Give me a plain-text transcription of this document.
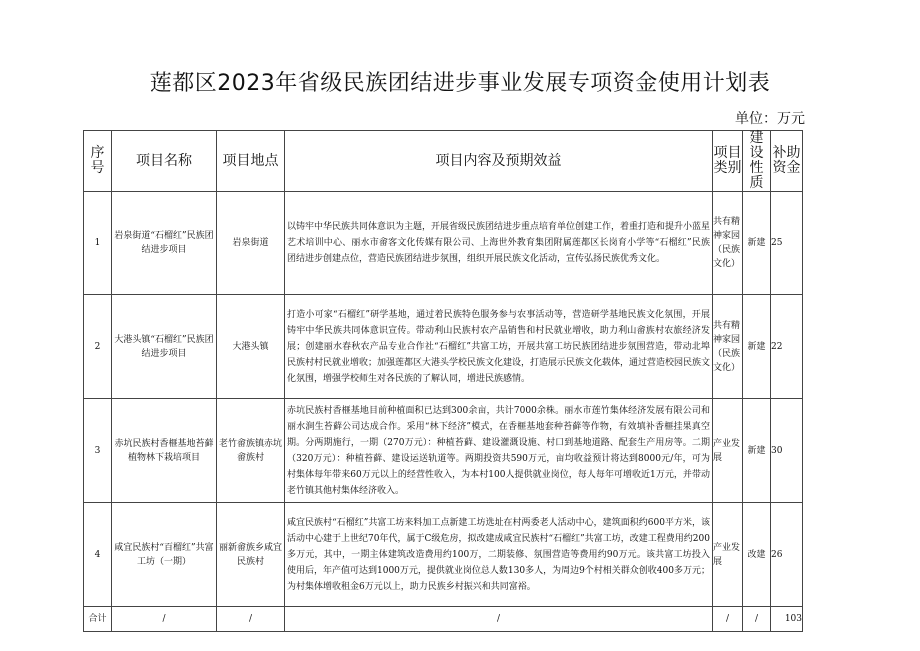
莲都区2023年省级民族团结进步事业发展专项资金使用计划表
单位：万元
序号	项目名称	项目地点	项目内容及预期效益	项目类别	建设性质	补助资金
1	岩泉街道“石榴红”民族团结进步项目	岩泉街道	以铸牢中华民族共同体意识为主题，开展省级民族团结进步重点培育单位创建工作，着重打造和提升小蓝星艺术培训中心、丽水市畲客文化传媒有限公司、上海世外教育集团附属莲都区长岗育小学等“石榴红”民族团结进步创建点位，营造民族团结进步氛围，组织开展民族文化活动，宣传弘扬民族优秀文化。	共有精神家园（民族文化）	新建	25
2	大港头镇“石榴红”民族团结进步项目	大港头镇	打造小可家“石榴红”研学基地，通过着民族特色服务参与农事活动等，营造研学基地民族文化氛围，开展铸牢中华民族共同体意识宣传。带动利山民族村农产品销售和村民就业增收，助力利山畲族村农旅经济发展；创建丽水春秋农产品专业合作社“石榴红”共富工坊，开展共富工坊民族团结进步氛围营造，带动北埠民族村村民就业增收；加强莲都区大港头学校民族文化建设，打造展示民族文化载体，通过营造校园民族文化氛围，增强学校师生对各民族的了解认同，增进民族感情。	共有精神家园（民族文化）	新建	22
3	赤坑民族村香榧基地苔藓植物林下栽培项目	老竹畲族镇赤坑畲族村	赤坑民族村香榧基地目前种植面积已达到300余亩，共计7000余株。丽水市莲竹集体经济发展有限公司和丽水涧生苔藓公司达成合作。采用“林下经济”模式，在香榧基地套种苔藓等作物，有效填补香榧挂果真空期。分两期施行，一期（270万元）：种植苔藓、建设灌溉设施、村口到基地道路、配套生产用房等。二期（320万元）：种植苔藓、建设运送轨道等。两期投资共590万元，亩均收益预计将达到8000元/年，可为村集体每年带来60万元以上的经营性收入，为本村100人提供就业岗位，每人每年可增收近1万元，并带动老竹镇其他村集体经济收入。	产业发展	新建	30
4	咸宜民族村“百榴红”共富工坊（一期）	丽新畲族乡咸宜民族村	咸宜民族村“石榴红”共富工坊来料加工点新建工坊选址在村两委老人活动中心，建筑面积约600平方米，该活动中心建于上世纪70年代，属于C级危房，拟改建成咸宜民族村“石榴红”共富工坊，改建工程费用约200多万元，其中，一期主体建筑改造费用约100万，二期装修、氛围营造等费用约90万元。该共富工坊投入使用后，年产值可达到1000万元，提供就业岗位总人数130多人，为周边9个村相关群众创收400多万元；为村集体增收租金6万元以上，助力民族乡村振兴和共同富裕。	产业发展	改建	26
合计	/	/	/	/	/	103
